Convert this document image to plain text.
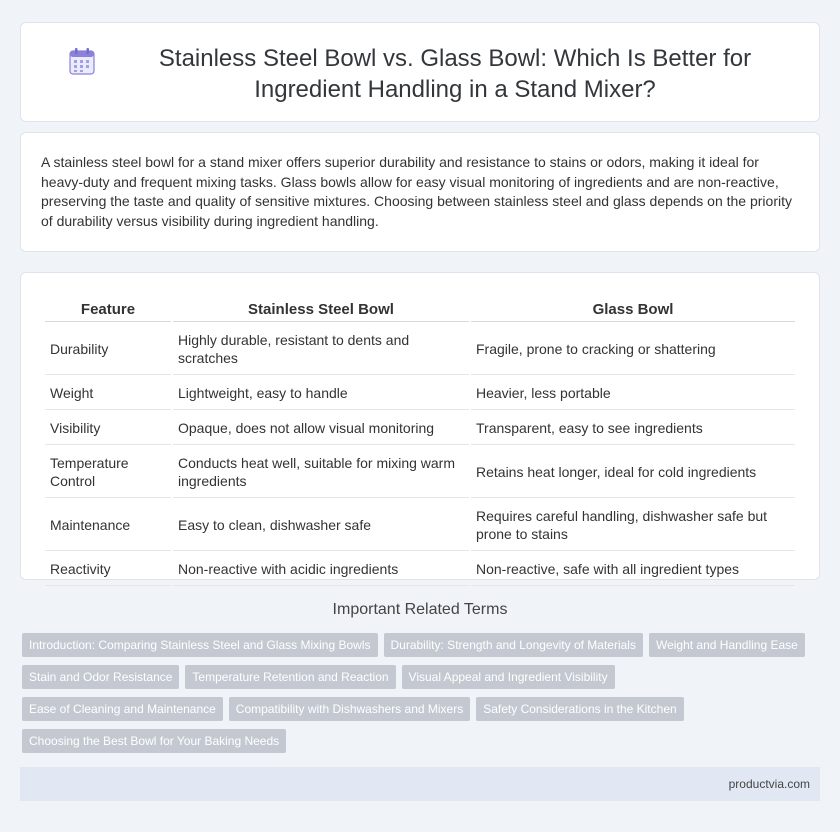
Stainless Steel Bowl vs. Glass Bowl: Which Is Better for Ingredient Handling in a Stand Mixer?

A stainless steel bowl for a stand mixer offers superior durability and resistance to stains or odors, making it ideal for heavy-duty and frequent mixing tasks. Glass bowls allow for easy visual monitoring of ingredients and are non-reactive, preserving the taste and quality of sensitive mixtures. Choosing between stainless steel and glass depends on the priority of durability versus visibility during ingredient handling.

Feature	Stainless Steel Bowl	Glass Bowl
Durability	Highly durable, resistant to dents and scratches	Fragile, prone to cracking or shattering
Weight	Lightweight, easy to handle	Heavier, less portable
Visibility	Opaque, does not allow visual monitoring	Transparent, easy to see ingredients
Temperature Control	Conducts heat well, suitable for mixing warm ingredients	Retains heat longer, ideal for cold ingredients
Maintenance	Easy to clean, dishwasher safe	Requires careful handling, dishwasher safe but prone to stains
Reactivity	Non-reactive with acidic ingredients	Non-reactive, safe with all ingredient types
Important Related Terms
Introduction: Comparing Stainless Steel and Glass Mixing Bowls	Durability: Strength and Longevity of Materials	Weight and Handling Ease
Stain and Odor Resistance	Temperature Retention and Reaction	Visual Appeal and Ingredient Visibility
Ease of Cleaning and Maintenance	Compatibility with Dishwashers and Mixers	Safety Considerations in the Kitchen
Choosing the Best Bowl for Your Baking Needs
productvia.com
